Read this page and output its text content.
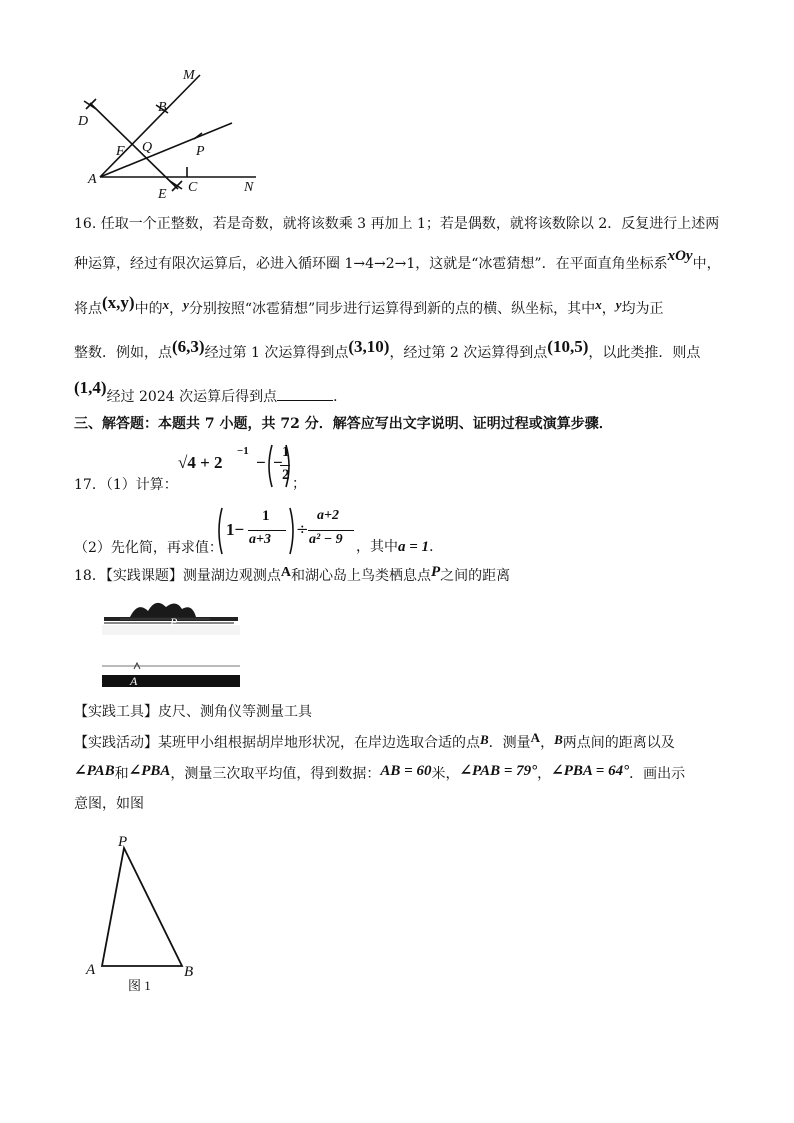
M
B
D
F Q	P
A
E C	N
16. 任取一个正整数，若是奇数，就将该数乘 3 再加上 1；若是偶数，就将该数除以 2．反复进行上述两
种运算，经过有限次运算后，必进入循环圈 1→4→2→1，这就是“冰雹猜想”．在平面直角坐标系xOy中，
将点(x,y)中的x，y分别按照“冰雹猜想”同步进行运算得到新的点的横、纵坐标，其中x，y均为正
整数．例如，点(6,3)经过第 1 次运算得到点(3,10)，经过第 2 次运算得到点(10,5)，以此类推．则点
(1,4)经过 2024 次运算后得到点	．
三、解答题：本题共 7 小题，共 72 分．解答应写出文字说明、证明过程或演算步骤．
17．（1）计算：
√4 + 2
−1
− −
1
2
；
（2）先化简，再求值：
1−
1
a+3
÷
a+2
a² − 9 ，其中a = 1．
18．【实践课题】测量湖边观测点A和湖心岛上鸟类栖息点P之间的距离
P
A
【实践工具】皮尺、测角仪等测量工具
【实践活动】某班甲小组根据胡岸地形状况，在岸边选取合适的点B．测量A，B两点间的距离以及
∠PAB和∠PBA，测量三次取平均值，得到数据：AB = 60米，∠PAB = 79°，∠PBA = 64°．画出示
意图，如图
P
A	B
图 1
